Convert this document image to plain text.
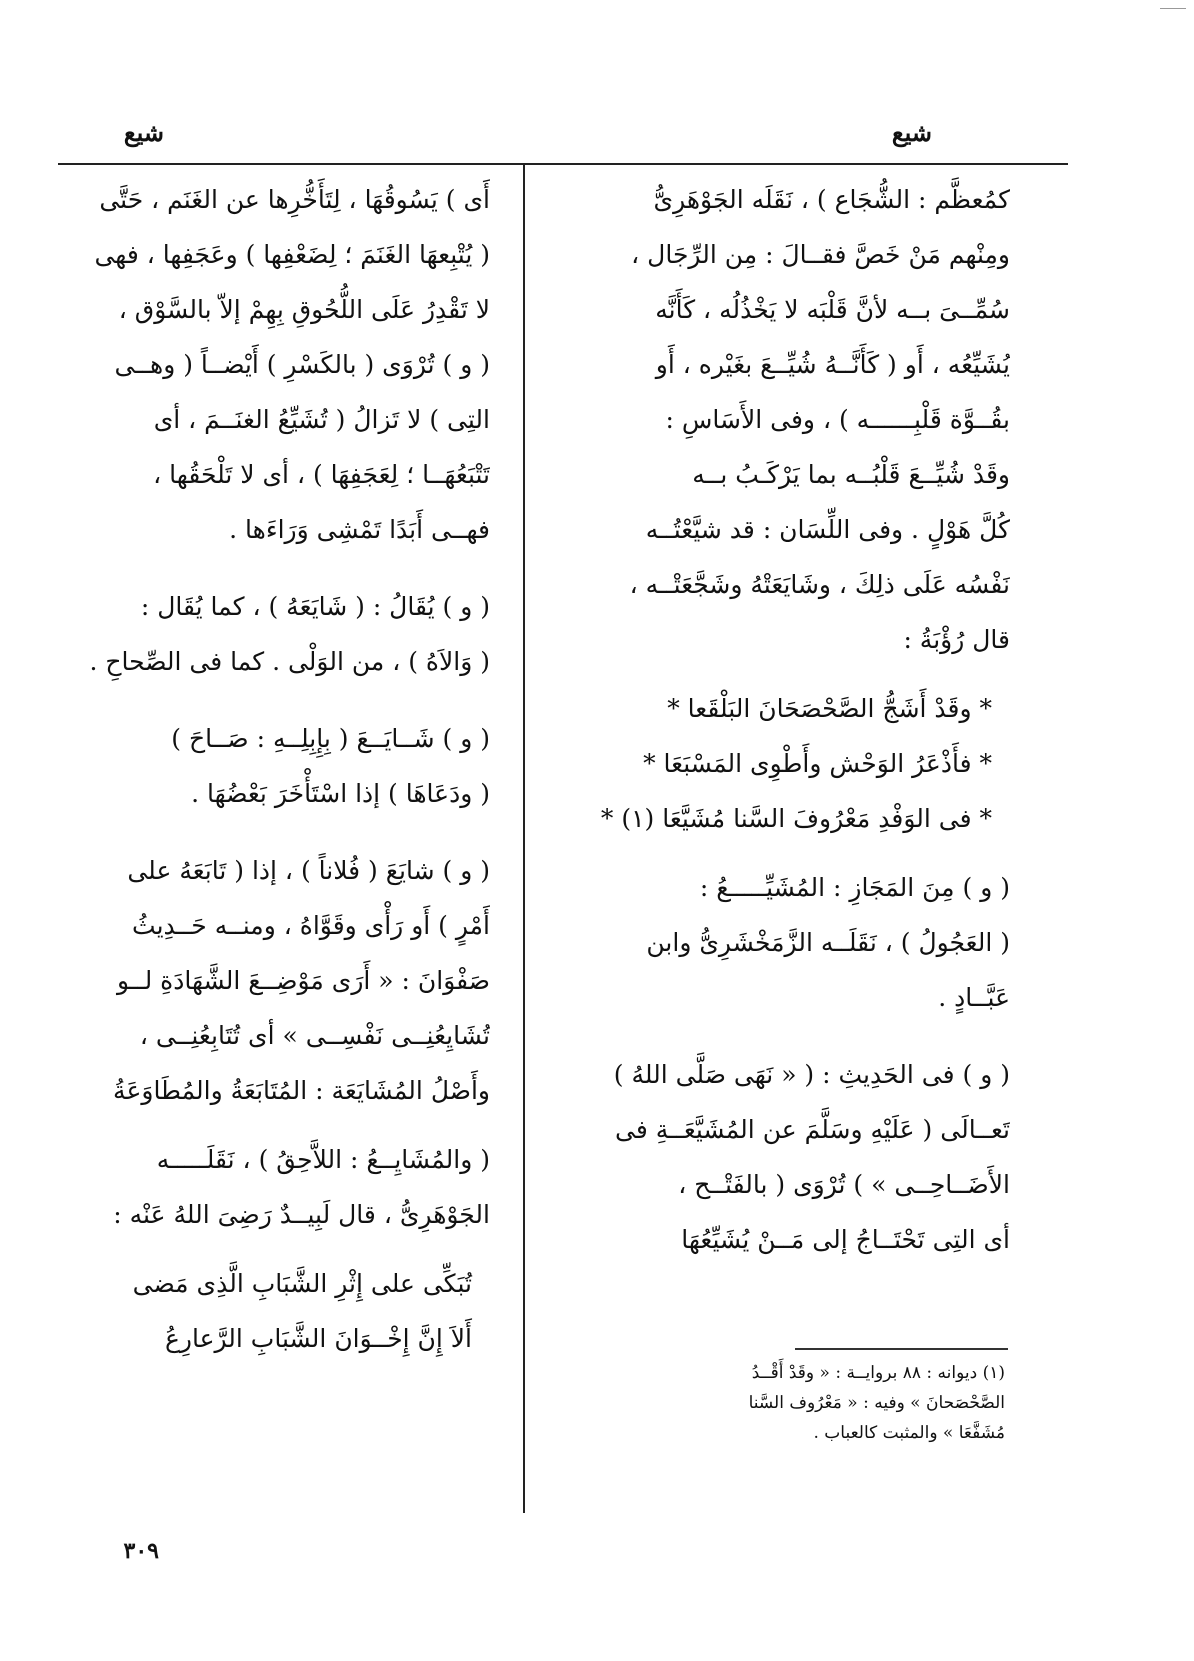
شيع
شيع
كمُعظَّم : الشُّجَاع ) ، نَقَلَه الجَوْهَرِىُّ
ومِنْهم مَنْ خَصَّ فقــالَ : مِن الرِّجَال ،
سُمِّــىَ بــه لأنَّ قَلْبَه لا يَخْذُلُه ، كَأَنَّه
يُشَيِّعُه ، أَو ( كَأَنَّــهُ شُيِّــعَ بغَيْره ، أَو
بقُــوَّة قَلْبِــــــه ) ، وفى الأَسَاسِ :
وقَدْ شُيِّــعَ قَلْبُــه بما يَرْكَـبُ بــه
كُلَّ هَوْلٍ . وفى اللِّسَان : قد شيَّعْتُــه
نَفْسُه عَلَى ذلِكَ ، وشَايَعَتْهُ وشَجَّعَتْــه ،
قال رُؤْبَةُ :
* وقَدْ أَشَجُّ الصَّحْصَحَانَ البَلْقَعا *
* فأَذْعَرُ الوَحْش وأَطْوِى المَسْبَعَا *
* فى الوَفْدِ مَعْرُوفَ السَّنا مُشَيَّعَا (١) *
( و ) مِنَ المَجَازِ : المُشَيِّـــــعُ :
( العَجُولُ ) ، نَقَلَــه الزَّمَخْشَرِىُّ وابن
عَبَّــادٍ .
( و ) فى الحَدِيثِ : ( « نَهَى صَلَّى اللهُ )
تَعــالَى ( عَلَيْهِ وسَلَّمَ عن المُشَيَّعَــةِ فى
الأَضَــاحِــى » ) تُرْوَى ( بالفَتْــح ،
أى التِى تَحْتَــاجُ إلى مَــنْ يُشَيِّعُهَا
أَى ) يَسُوقُهَا ، لِتَأَخُّرِها عن الغَنَم ، حَتَّى
( يُتْبِعهَا الغَنَمَ ؛ لِضَعْفِها ) وعَجَفِها ، فهى
لا تَقْدِرُ عَلَى اللُّحُوقِ بِهِمْ إلاّ بالسَّوْق ،
( و ) تُرْوَى ( بالكَسْرِ ) أَيْضــاً ( وهــى
التِى ) لا تَزالُ ( تُشَيِّعُ الغنَــمَ ، أى
تَتْبَعُهَــا ؛ لِعَجَفِهَا ) ، أى لا تَلْحَقُها ،
فهــى أَبَدًا تَمْشِى وَرَاءَها .
( و ) يُقَالُ : ( شَايَعَهُ ) ، كما يُقَال :
( وَالاَهُ ) ، من الوَلْى . كما فى الصِّحاحِ .
( و ) شَــايَــعَ ( بِإِبِلِــهِ : صَــاحَ )
( ودَعَاهَا ) إذا اسْتَأْخَرَ بَعْضُهَا .
( و ) شايَعَ ( فُلاناً ) ، إذا ( تَابَعَهُ على
أَمْرٍ ) أَو رَأْى وقَوَّاهُ ، ومنــه حَــدِيثُ
صَفْوَانَ : « أَرَى مَوْضِــعَ الشَّهَادَةِ لــو
تُشَايِعُنِــى نَفْسِــى » أى تُتَابِعُنِــى ،
وأَصْلُ المُشَايَعَة : المُتَابَعَةُ والمُطَاوَعَةُ
( والمُشَايِــعُ : اللاَّحِقُ ) ، نَقَلَـــــه
الجَوْهَرِىُّ ، قال لَبِيــدٌ رَضِىَ اللهُ عَنْه :
تُبَكِّى على إِثْرِ الشَّبَابِ الَّذِى مَضى
أَلاَ إِنَّ إِخْــوَانَ الشَّبَابِ الرَّعارِعُ
(١) ديوانه : ٨٨ بروايــة : « وقَدْ أَقْــدُ
الصَّحْصَحانَ » وفيه : « مَعْرُوف السَّنا
مُشَفَّعَا » والمثبت كالعباب .
٣٠٩
